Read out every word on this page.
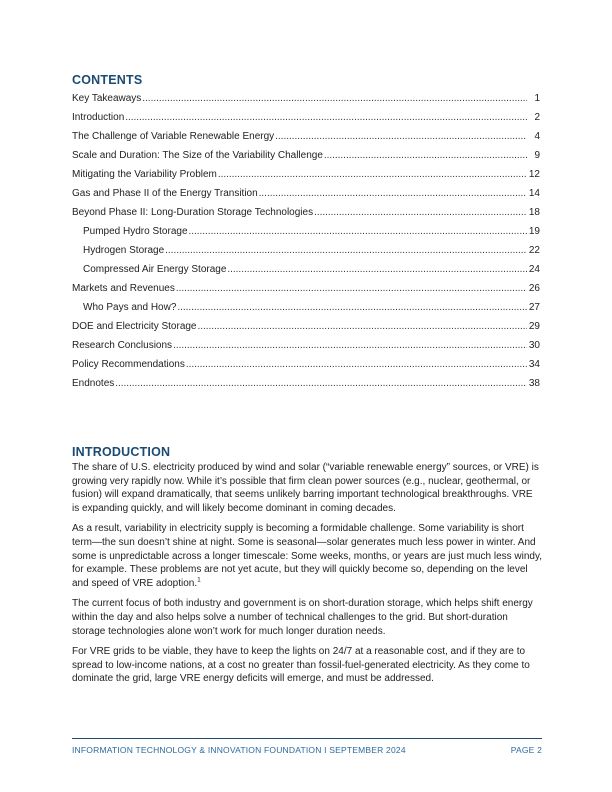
CONTENTS
Key Takeaways . . .	1
Introduction . . .	2
The Challenge of Variable Renewable Energy . . .	4
Scale and Duration: The Size of the Variability Challenge . . .	9
Mitigating the Variability Problem . . .	12
Gas and Phase II of the Energy Transition . . .	14
Beyond Phase II: Long-Duration Storage Technologies . . .	18
Pumped Hydro Storage . . .	19
Hydrogen Storage . . .	22
Compressed Air Energy Storage . . .	24
Markets and Revenues . . .	26
Who Pays and How? . . .	27
DOE and Electricity Storage . . .	29
Research Conclusions . . .	30
Policy Recommendations . . .	34
Endnotes . . .	38
INTRODUCTION

The share of U.S. electricity produced by wind and solar (“variable renewable energy” sources, or VRE) is growing very rapidly now. While it’s possible that firm clean power sources (e.g., nuclear, geothermal, or fusion) will expand dramatically, that seems unlikely barring important technological breakthroughs. VRE is expanding quickly, and will likely become dominant in coming decades.

As a result, variability in electricity supply is becoming a formidable challenge. Some variability is short term—the sun doesn’t shine at night. Some is seasonal—solar generates much less power in winter. And some is unpredictable across a longer timescale: Some weeks, months, or years are just much less windy, for example. These problems are not yet acute, but they will quickly become so, depending on the level and speed of VRE adoption.$^1$

The current focus of both industry and government is on short-duration storage, which helps shift energy within the day and also helps solve a number of technical challenges to the grid. But short-duration storage technologies alone won’t work for much longer duration needs.

For VRE grids to be viable, they have to keep the lights on 24/7 at a reasonable cost, and if they are to spread to low-income nations, at a cost no greater than fossil-fuel-generated electricity. As they come to dominate the grid, large VRE energy deficits will emerge, and must be addressed.

INFORMATION TECHNOLOGY & INNOVATION FOUNDATION I SEPTEMBER 2024	PAGE 2
